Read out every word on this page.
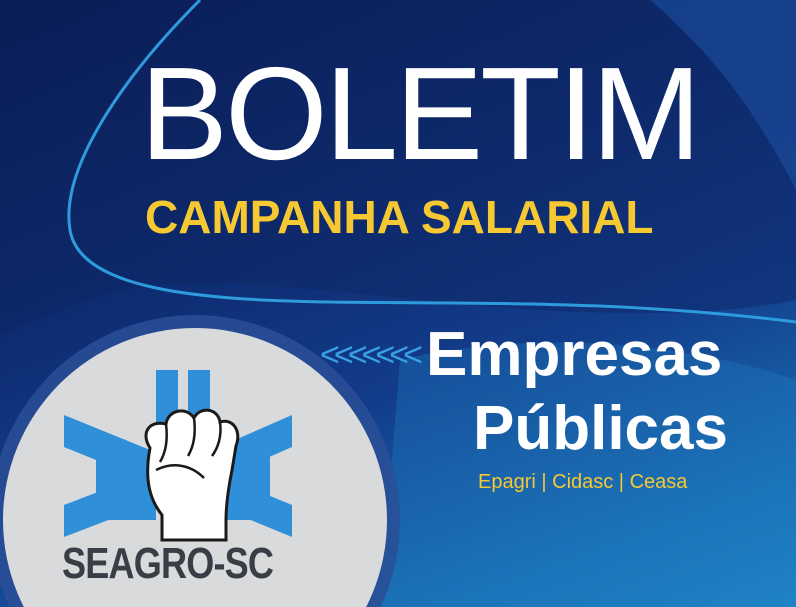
BOLETIM
CAMPANHA SALARIAL
<<<<<<< Empresas
Públicas
Epagri | Cidasc | Ceasa
SEAGRO-SC
